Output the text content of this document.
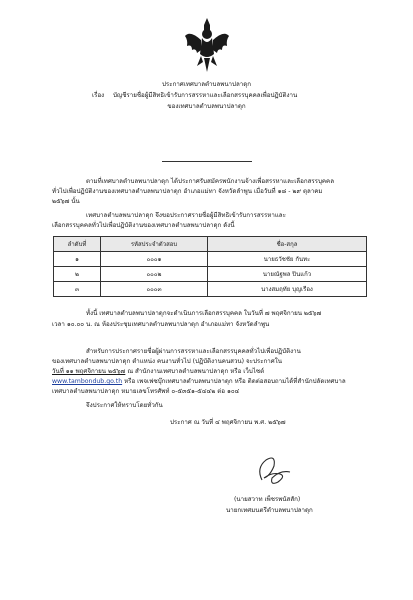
ประกาศเทศบาลตำบลพนาปลาดุก
เรื่อง บัญชีรายชื่อผู้มีสิทธิเข้ารับการสรรหาและเลือกสรรบุคคลเพื่อปฏิบัติงาน
ของเทศบาลตำบลพนาปลาดุก
ตามที่เทศบาลตำบลพนาปลาดุก ได้ประกาศรับสมัครพนักงานจ้างเพื่อสรรหาและเลือกสรรบุคคล
ทั่วไปเพื่อปฏิบัติงานของเทศบาลตำบลพนาปลาดุก อำเภอแม่ทา จังหวัดลำพูน เมื่อวันที่ ๑๘ - ๒๙ ตุลาคม
๒๕๖๗ นั้น
เทศบาลตำบลพนาปลาดุก จึงขอประกาศรายชื่อผู้มีสิทธิเข้ารับการสรรหาและ
เลือกสรรบุคคลทั่วไปเพื่อปฏิบัติงานของเทศบาลตำบลพนาปลาดุก ดังนี้
ลำดับที่	รหัสประจำตัวสอบ	ชื่อ-สกุล
๑	๐๐๐๑	นายธวัชชัย กันทะ
๒	๐๐๐๒	นายณัฐพล ปินแก้ว
๓	๐๐๐๓	นางสมฤทัย บุญเรือง
ทั้งนี้ เทศบาลตำบลพนาปลาดุกจะดำเนินการเลือกสรรบุคคล ในวันที่ ๗ พฤศจิกายน ๒๕๖๗
เวลา ๑๐.๐๐ น. ณ ห้องประชุมเทศบาลตำบลพนาปลาดุก อำเภอแม่ทา จังหวัดลำพูน
สำหรับการประกาศรายชื่อผู้ผ่านการสรรหาและเลือกสรรบุคคลทั่วไปเพื่อปฏิบัติงาน
ของเทศบาลตำบลพนาปลาดุก ตำแหน่ง คนงานทั่วไป (ปฏิบัติงานคนสวน) จะประกาศใน
วันที่ ๑๑ พฤศจิกายน ๒๕๖๗ ณ สำนักงานเทศบาลตำบลพนาปลาดุก หรือ เว็บไซต์
www.tambondub.go.th หรือ เพจเฟซบุ๊กเทศบาลตำบลพนาปลาดุก หรือ ติดต่อสอบถามได้ที่สำนักปลัดเทศบาล
เทศบาลตำบลพนาปลาดุก หมายเลขโทรศัพท์ ๐-๕๓๕๑-๕๔๔๒ ต่อ ๑๐๔
จึงประกาศให้ทราบโดยทั่วกัน
ประกาศ ณ วันที่ ๔ พฤศจิกายน พ.ศ. ๒๕๖๗
(นายสวาท เพ็ชรพนัสสัก)
นายกเทศมนตรีตำบลพนาปลาดุก
